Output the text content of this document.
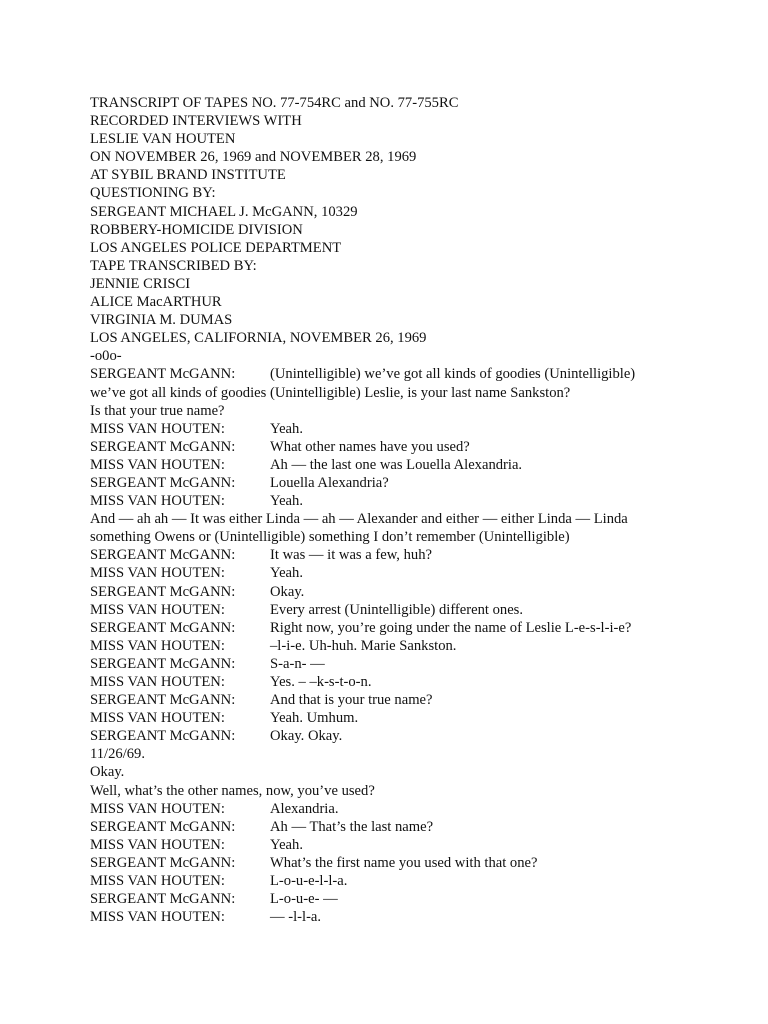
TRANSCRIPT OF TAPES NO. 77-754RC and NO. 77-755RC
RECORDED INTERVIEWS WITH
LESLIE VAN HOUTEN
ON NOVEMBER 26, 1969 and NOVEMBER 28, 1969
AT SYBIL BRAND INSTITUTE
QUESTIONING BY:
SERGEANT MICHAEL J. McGANN, 10329
ROBBERY-HOMICIDE DIVISION
LOS ANGELES POLICE DEPARTMENT
TAPE TRANSCRIBED BY:
JENNIE CRISCI
ALICE MacARTHUR
VIRGINIA M. DUMAS
LOS ANGELES, CALIFORNIA, NOVEMBER 26, 1969
-o0o-
SERGEANT McGANN:	(Unintelligible) we’ve got all kinds of goodies (Unintelligible)
we’ve got all kinds of goodies (Unintelligible) Leslie, is your last name Sankston?
Is that your true name?
MISS VAN HOUTEN:	Yeah.
SERGEANT McGANN:	What other names have you used?
MISS VAN HOUTEN:	Ah — the last one was Louella Alexandria.
SERGEANT McGANN:	Louella Alexandria?
MISS VAN HOUTEN:	Yeah.
And — ah ah — It was either Linda — ah — Alexander and either — either Linda — Linda
something Owens or (Unintelligible) something I don’t remember (Unintelligible)
SERGEANT McGANN:	It was — it was a few, huh?
MISS VAN HOUTEN:	Yeah.
SERGEANT McGANN:	Okay.
MISS VAN HOUTEN:	Every arrest (Unintelligible) different ones.
SERGEANT McGANN:	Right now, you’re going under the name of Leslie L-e-s-l-i-e?
MISS VAN HOUTEN:	–l-i-e. Uh-huh. Marie Sankston.
SERGEANT McGANN:	S-a-n- —
MISS VAN HOUTEN:	Yes. – –k-s-t-o-n.
SERGEANT McGANN:	And that is your true name?
MISS VAN HOUTEN:	Yeah. Umhum.
SERGEANT McGANN:	Okay. Okay.
11/26/69.
Okay.
Well, what’s the other names, now, you’ve used?
MISS VAN HOUTEN:	Alexandria.
SERGEANT McGANN:	Ah — That’s the last name?
MISS VAN HOUTEN:	Yeah.
SERGEANT McGANN:	What’s the first name you used with that one?
MISS VAN HOUTEN:	L-o-u-e-l-l-a.
SERGEANT McGANN:	L-o-u-e- —
MISS VAN HOUTEN:	— -l-l-a.
